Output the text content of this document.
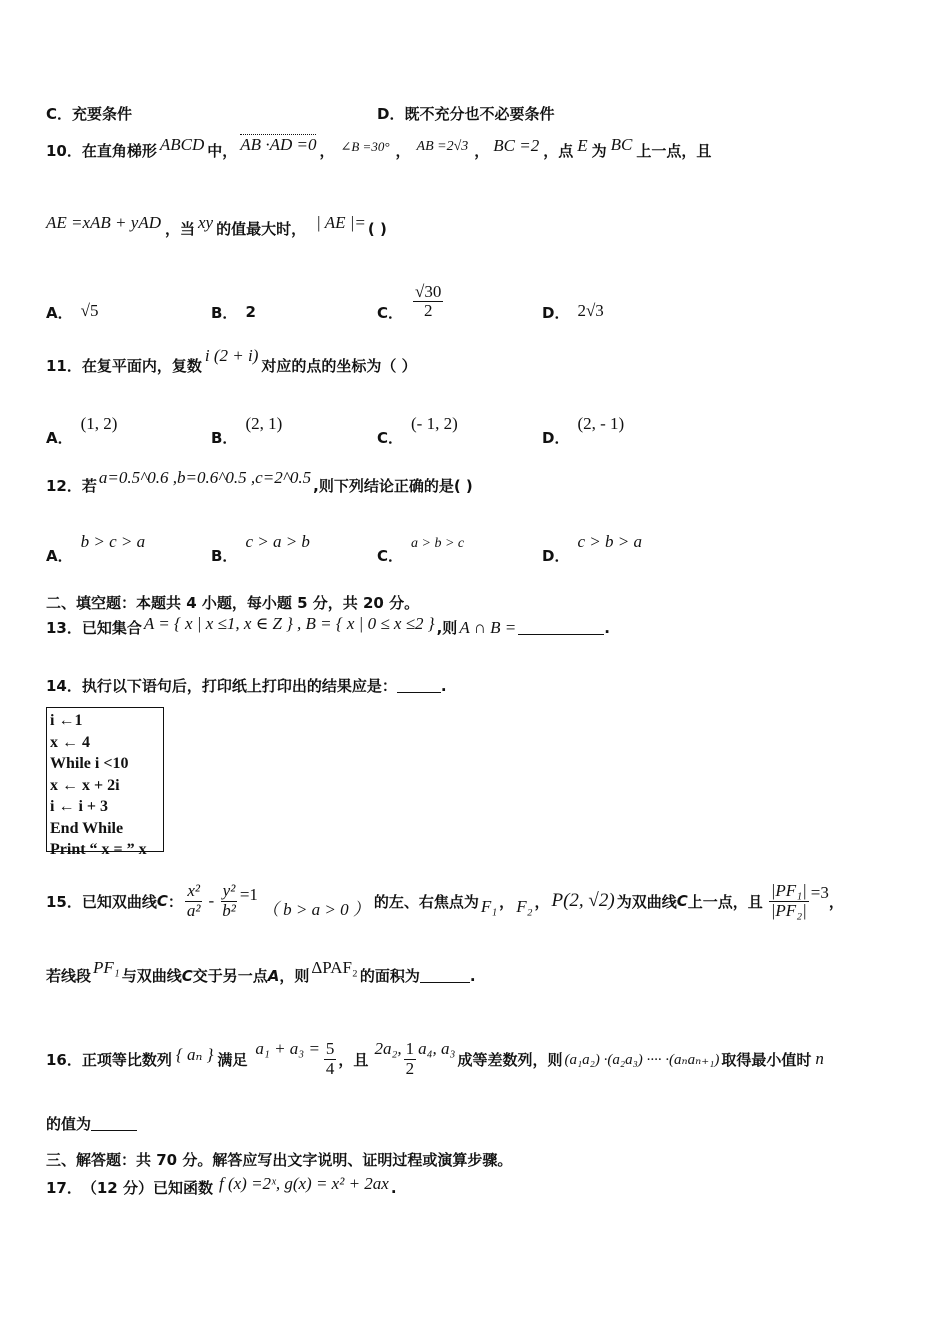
C．充要条件	D．既不充分也不必要条件
10． 在直角梯形 ABCD 中， AB ·AD =0 ， ∠B =30° ， AB =2√3 ， BC =2 ，点 E 为 BC 上一点，且
AE =xAB + yAD ，当 xy 的值最大时， | AE |= ( )
A． √5	B． 2	C． $\frac{√30}{2}$	D． 2√3
11． 在复平面内，复数
i (2 + i)
对应的点的坐标为（ ）
A．
(1, 2)
B．
(2, 1)
C．
(- 1, 2)
D．
(2, - 1)
12． 若 a=0.5^0.6 ,b=0.6^0.5 ,c=2^0.5 ,则下列结论正确的是( )
A．
b > c > a
B．
c > a > b
C．
a > b > c
D．
c > b > a
二、填空题：本题共 4 小题，每小题 5 分，共 20 分。
13． 已知集合 A = { x | x ≤1, x ∈ Z } , B = { x | 0 ≤ x ≤2 } ,则 A ∩ B =	.
14． 执行以下语句后，打印纸上打印出的结果应是：	.
i ←1
x ← 4
While i <10
x ← x + 2i
i ← i + 3
End While
Print “ x = ” x
15． 已知双曲线 C ： $\frac{\text{x²}}{\text{a²}} - \frac{\text{y²}}{\text{b²}} =1$
（ b > a > 0 ） 的左、右焦点为 F₁ ， F₂ ， P(2, √2) 为双曲线 C 上一点，且 $\frac{\text{|PF₁|}}{\text{|PF₂|}} =3$ ，
若线段 PF₁ 与双曲线 C 交于另一点 A ，则 ΔPAF₂ 的面积为	.
16． 正项等比数列 { aₙ } 满足
$a_1 + a_3 = \frac{5}{4}$ ，且
2a₂, $\frac{1}{2} a_4$, a₃
成等差数列，则 (a₁a₂) ·(a₂a₃) ···· ·(aₙaₙ₊₁) 取得最小值时 n
的值为
三、解答题：共 70 分。解答应写出文字说明、证明过程或演算步骤。
17． （12 分）已知函数 f (x) =2ˣ, g(x) = x² + 2ax .
